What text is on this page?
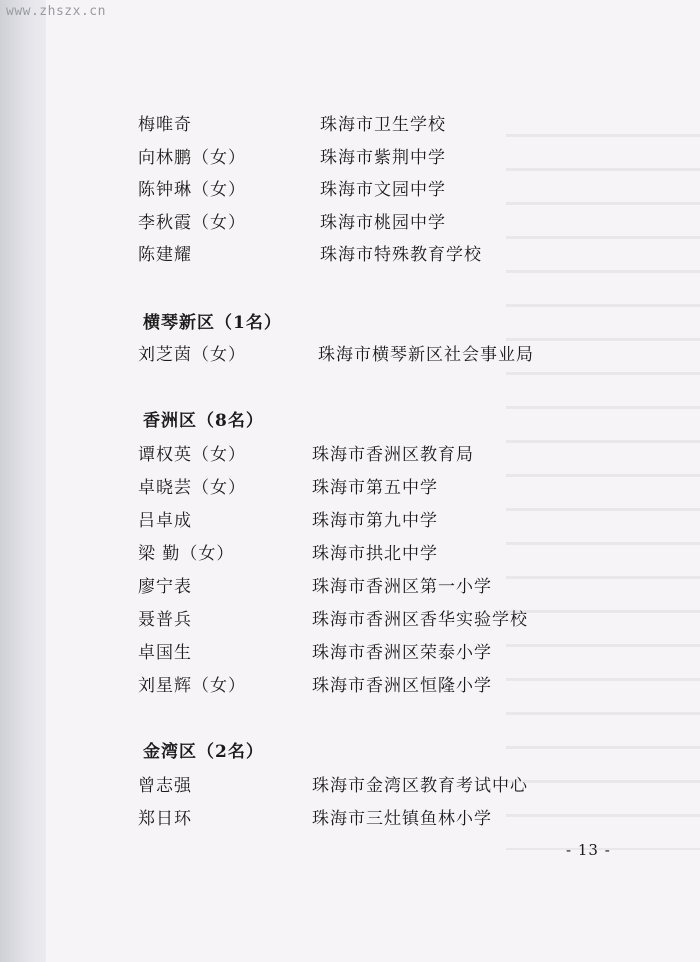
www.zhszx.cn
梅唯奇	珠海市卫生学校
向林鹏（女）	珠海市紫荆中学
陈钟琳（女）	珠海市文园中学
李秋霞（女）	珠海市桃园中学
陈建耀	珠海市特殊教育学校
横琴新区（1名）
刘芝茵（女）	珠海市横琴新区社会事业局
香洲区（8名）
谭权英（女）	珠海市香洲区教育局
卓晓芸（女）	珠海市第五中学
吕卓成	珠海市第九中学
梁 勤（女）	珠海市拱北中学
廖宁表	珠海市香洲区第一小学
聂普兵	珠海市香洲区香华实验学校
卓国生	珠海市香洲区荣泰小学
刘星辉（女）	珠海市香洲区恒隆小学
金湾区（2名）
曾志强	珠海市金湾区教育考试中心
郑日环	珠海市三灶镇鱼林小学
- 13 -
